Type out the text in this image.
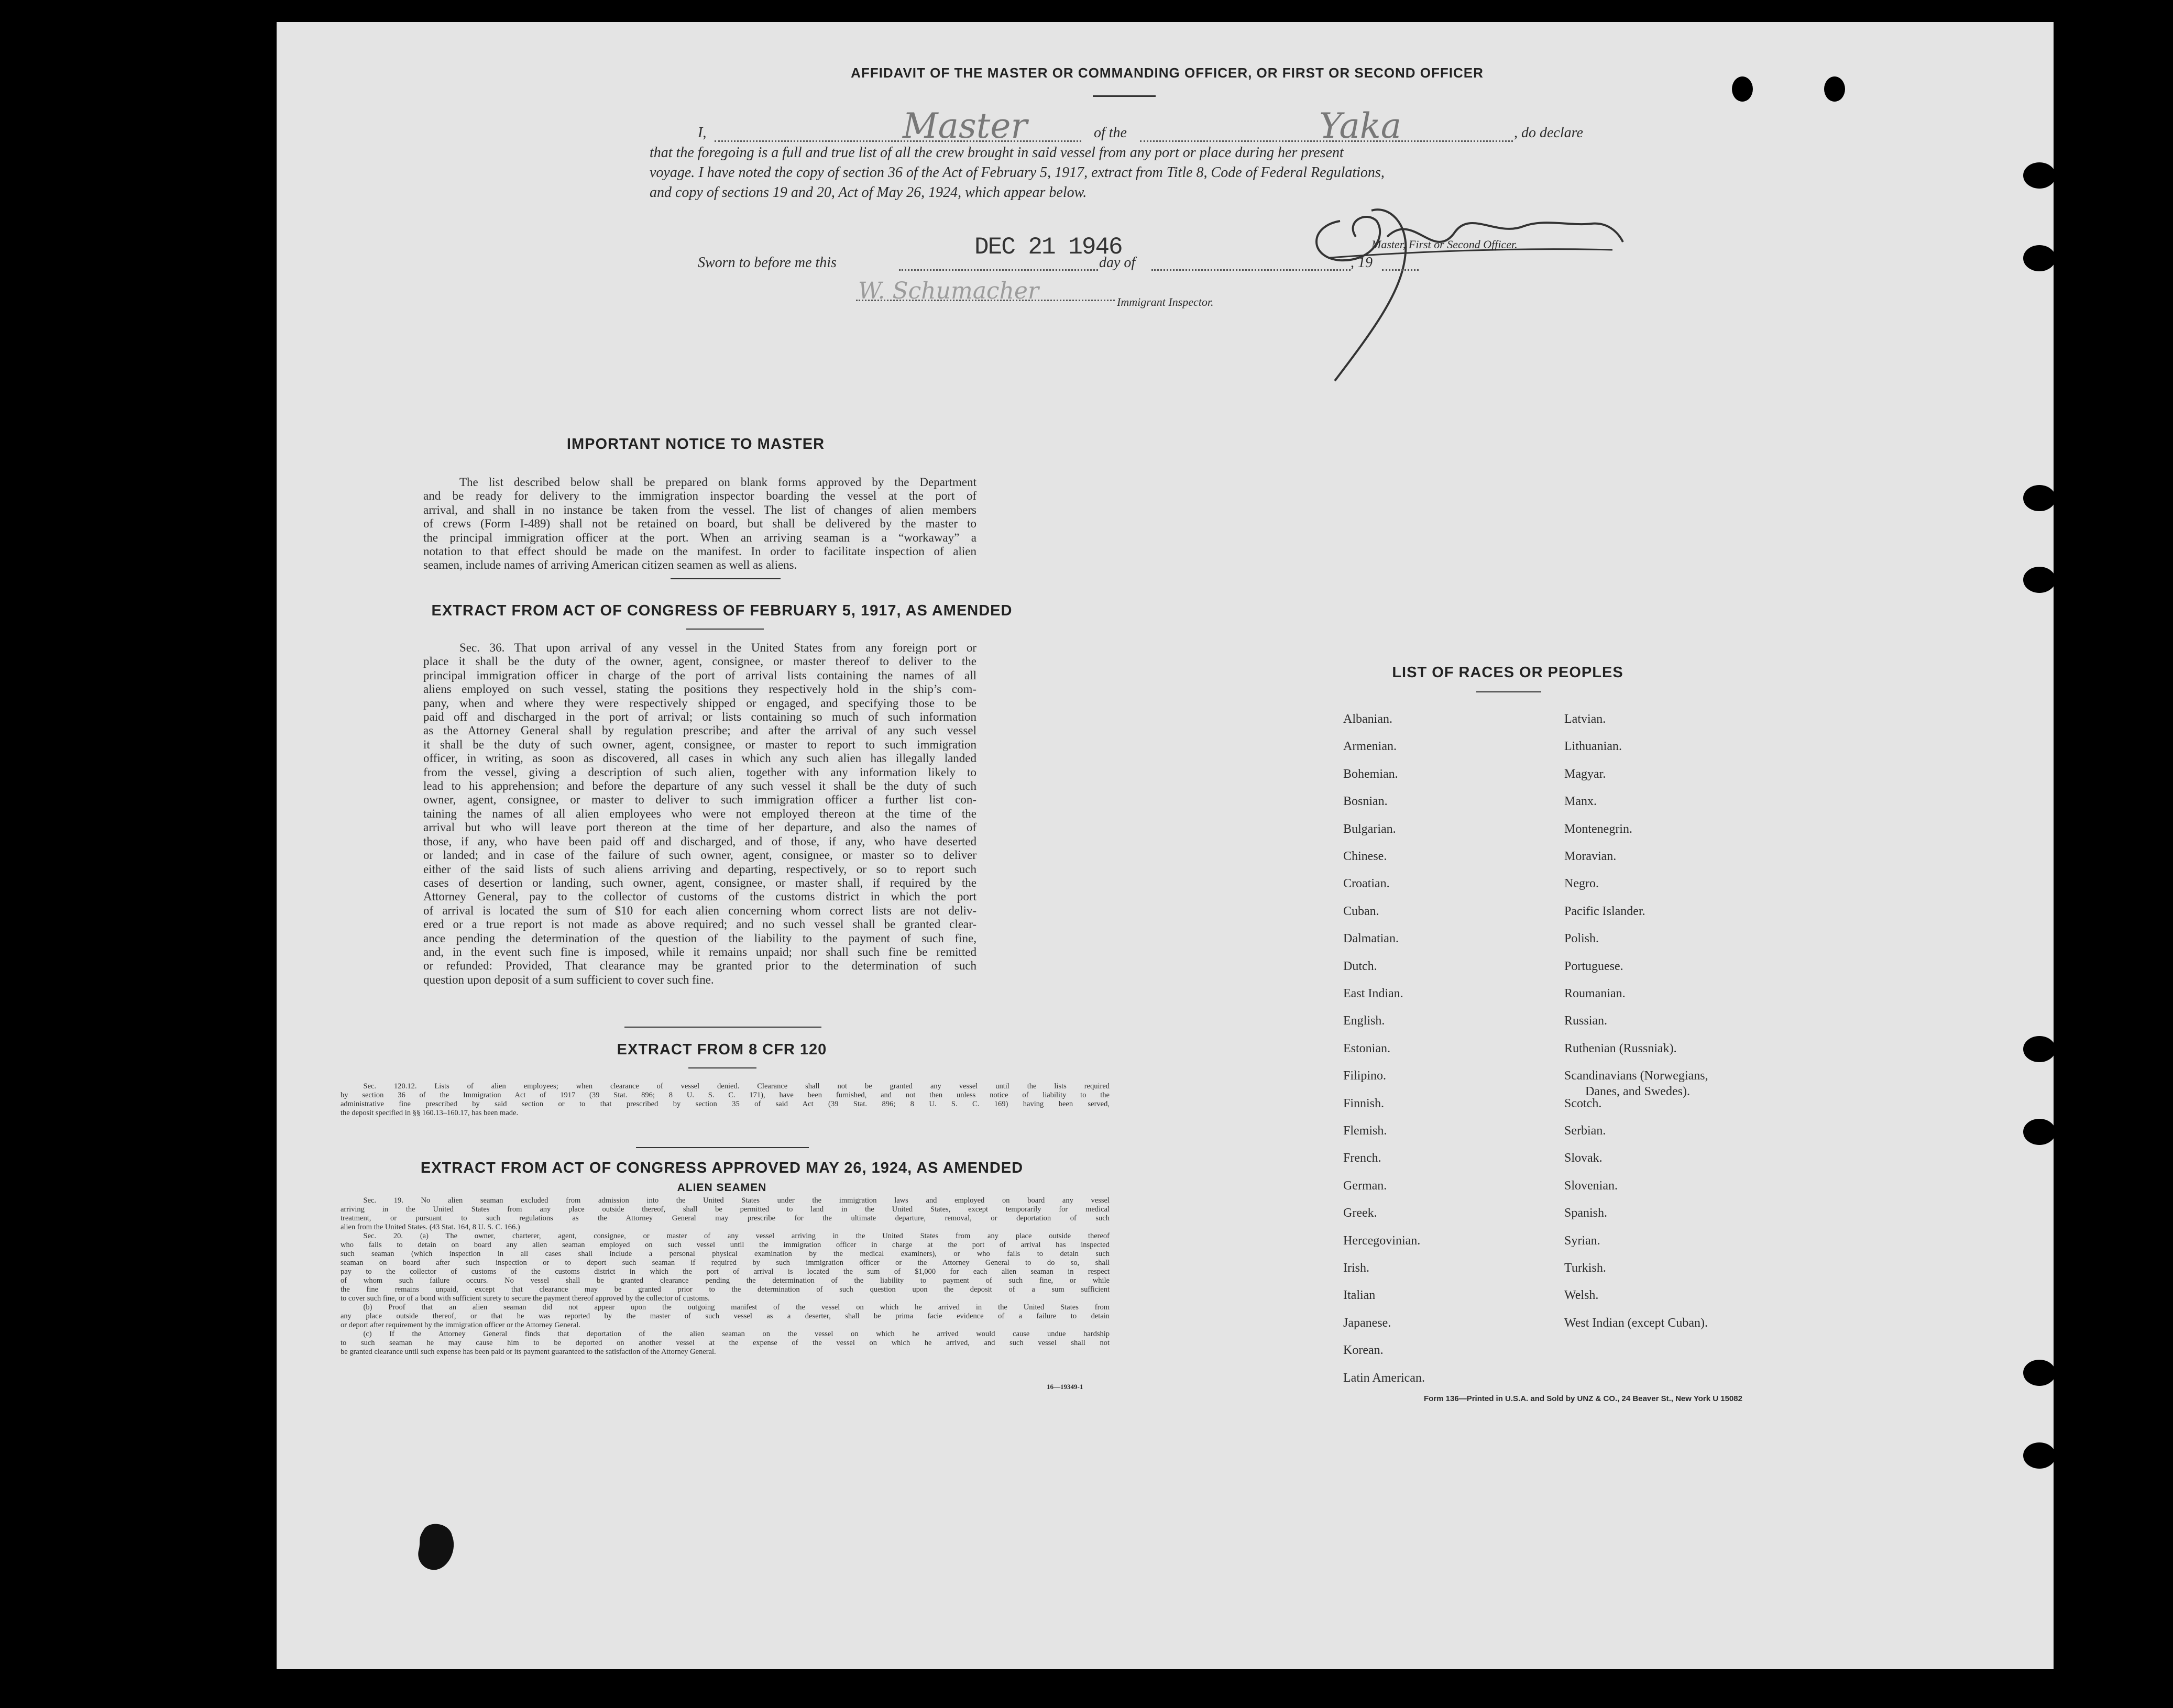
AFFIDAVIT OF THE MASTER OR COMMANDING OFFICER, OR FIRST OR SECOND OFFICER
I,	Master	of the	Yaka	, do declare
that the foregoing is a full and true list of all the crew brought in said vessel from any port or place during her present
voyage. I have noted the copy of section 36 of the Act of February 5, 1917, extract from Title 8, Code of Federal Regulations,
and copy of sections 19 and 20, Act of May 26, 1924, which appear below.
Master, First or Second Officer.
Sworn to before me this
DEC 21 1946
day of	, 19
W. Schumacher	Immigrant Inspector.
IMPORTANT NOTICE TO MASTER
The list described below shall be prepared on blank forms approved by the Department
and be ready for delivery to the immigration inspector boarding the vessel at the port of
arrival, and shall in no instance be taken from the vessel. The list of changes of alien members
of crews (Form I-489) shall not be retained on board, but shall be delivered by the master to
the principal immigration officer at the port. When an arriving seaman is a “workaway” a
notation to that effect should be made on the manifest. In order to facilitate inspection of alien
seamen, include names of arriving American citizen seamen as well as aliens.
EXTRACT FROM ACT OF CONGRESS OF FEBRUARY 5, 1917, AS AMENDED
Sec. 36. That upon arrival of any vessel in the United States from any foreign port or
place it shall be the duty of the owner, agent, consignee, or master thereof to deliver to the
principal immigration officer in charge of the port of arrival lists containing the names of all
aliens employed on such vessel, stating the positions they respectively hold in the ship’s com-
pany, when and where they were respectively shipped or engaged, and specifying those to be
paid off and discharged in the port of arrival; or lists containing so much of such information
as the Attorney General shall by regulation prescribe; and after the arrival of any such vessel
it shall be the duty of such owner, agent, consignee, or master to report to such immigration
officer, in writing, as soon as discovered, all cases in which any such alien has illegally landed
from the vessel, giving a description of such alien, together with any information likely to
lead to his apprehension; and before the departure of any such vessel it shall be the duty of such
owner, agent, consignee, or master to deliver to such immigration officer a further list con-
taining the names of all alien employees who were not employed thereon at the time of the
arrival but who will leave port thereon at the time of her departure, and also the names of
those, if any, who have been paid off and discharged, and of those, if any, who have deserted
or landed; and in case of the failure of such owner, agent, consignee, or master so to deliver
either of the said lists of such aliens arriving and departing, respectively, or so to report such
cases of desertion or landing, such owner, agent, consignee, or master shall, if required by the
Attorney General, pay to the collector of customs of the customs district in which the port
of arrival is located the sum of $10 for each alien concerning whom correct lists are not deliv-
ered or a true report is not made as above required; and no such vessel shall be granted clear-
ance pending the determination of the question of the liability to the payment of such fine,
and, in the event such fine is imposed, while it remains unpaid; nor shall such fine be remitted
or refunded: Provided, That clearance may be granted prior to the determination of such
question upon deposit of a sum sufficient to cover such fine.
EXTRACT FROM 8 CFR 120
Sec. 120.12. Lists of alien employees; when clearance of vessel denied. Clearance shall not be granted any vessel until the lists required
by section 36 of the Immigration Act of 1917 (39 Stat. 896; 8 U. S. C. 171), have been furnished, and not then unless notice of liability to the
administrative fine prescribed by said section or to that prescribed by section 35 of said Act (39 Stat. 896; 8 U. S. C. 169) having been served,
the deposit specified in §§ 160.13–160.17, has been made.
EXTRACT FROM ACT OF CONGRESS APPROVED MAY 26, 1924, AS AMENDED
ALIEN SEAMEN
Sec. 19. No alien seaman excluded from admission into the United States under the immigration laws and employed on board any vessel
arriving in the United States from any place outside thereof, shall be permitted to land in the United States, except temporarily for medical
treatment, or pursuant to such regulations as the Attorney General may prescribe for the ultimate departure, removal, or deportation of such
alien from the United States. (43 Stat. 164, 8 U. S. C. 166.)
Sec. 20. (a) The owner, charterer, agent, consignee, or master of any vessel arriving in the United States from any place outside thereof
who fails to detain on board any alien seaman employed on such vessel until the immigration officer in charge at the port of arrival has inspected
such seaman (which inspection in all cases shall include a personal physical examination by the medical examiners), or who fails to detain such
seaman on board after such inspection or to deport such seaman if required by such immigration officer or the Attorney General to do so, shall
pay to the collector of customs of the customs district in which the port of arrival is located the sum of $1,000 for each alien seaman in respect
of whom such failure occurs. No vessel shall be granted clearance pending the determination of the liability to payment of such fine, or while
the fine remains unpaid, except that clearance may be granted prior to the determination of such question upon the deposit of a sum sufficient
to cover such fine, or of a bond with sufficient surety to secure the payment thereof approved by the collector of customs.
(b) Proof that an alien seaman did not appear upon the outgoing manifest of the vessel on which he arrived in the United States from
any place outside thereof, or that he was reported by the master of such vessel as a deserter, shall be prima facie evidence of a failure to detain
or deport after requirement by the immigration officer or the Attorney General.
(c) If the Attorney General finds that deportation of the alien seaman on the vessel on which he arrived would cause undue hardship
to such seaman he may cause him to be deported on another vessel at the expense of the vessel on which he arrived, and such vessel shall not
be granted clearance until such expense has been paid or its payment guaranteed to the satisfaction of the Attorney General.
16—19349-1
LIST OF RACES OR PEOPLES
Albanian.
Armenian.
Bohemian.
Bosnian.
Bulgarian.
Chinese.
Croatian.
Cuban.
Dalmatian.
Dutch.
East Indian.
English.
Estonian.
Filipino.
Finnish.
Flemish.
French.
German.
Greek.
Hercegovinian.
Irish.
Italian
Japanese.
Korean.
Latin American.
Latvian.
Lithuanian.
Magyar.
Manx.
Montenegrin.
Moravian.
Negro.
Pacific Islander.
Polish.
Portuguese.
Roumanian.
Russian.
Ruthenian (Russniak).
Scandinavians (Norwegians,
Danes, and Swedes).
Scotch.
Serbian.
Slovak.
Slovenian.
Spanish.
Syrian.
Turkish.
Welsh.
West Indian (except Cuban).
Form 136—Printed in U.S.A. and Sold by UNZ & CO., 24 Beaver St., New York U 15082
